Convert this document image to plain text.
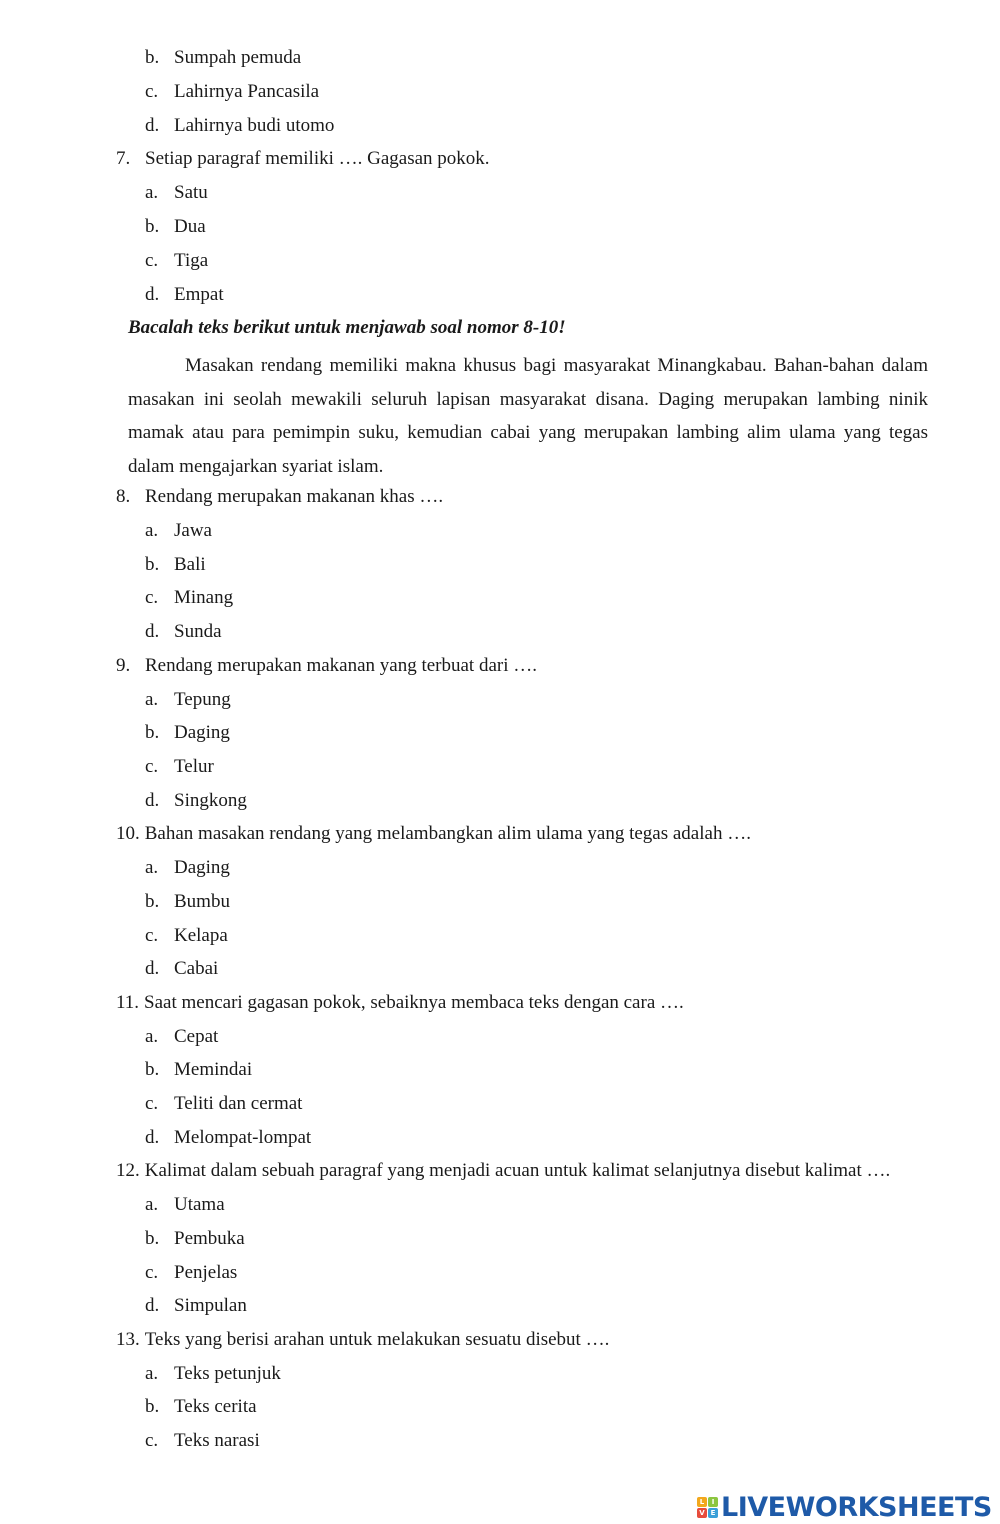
b. Sumpah pemuda
c. Lahirnya Pancasila
d. Lahirnya budi utomo
7. Setiap paragraf memiliki …. Gagasan pokok.
a. Satu
b. Dua
c. Tiga
d. Empat
Bacalah teks berikut untuk menjawab soal nomor 8-10!

Masakan rendang memiliki makna khusus bagi masyarakat Minangkabau. Bahan-bahan dalam masakan ini seolah mewakili seluruh lapisan masyarakat disana. Daging merupakan lambing ninik mamak atau para pemimpin suku, kemudian cabai yang merupakan lambing alim ulama yang tegas dalam mengajarkan syariat islam.

8. Rendang merupakan makanan khas ….
a. Jawa
b. Bali
c. Minang
d. Sunda
9. Rendang merupakan makanan yang terbuat dari ….
a. Tepung
b. Daging
c. Telur
d. Singkong
10. Bahan masakan rendang yang melambangkan alim ulama yang tegas adalah ….
a. Daging
b. Bumbu
c. Kelapa
d. Cabai
11. Saat mencari gagasan pokok, sebaiknya membaca teks dengan cara ….
a. Cepat
b. Memindai
c. Teliti dan cermat
d. Melompat-lompat
12. Kalimat dalam sebuah paragraf yang menjadi acuan untuk kalimat selanjutnya disebut kalimat ….
a. Utama
b. Pembuka
c. Penjelas
d. Simpulan
13. Teks yang berisi arahan untuk melakukan sesuatu disebut ….
a. Teks petunjuk
b. Teks cerita
c. Teks narasi
L	I
V E LIVEWORKSHEETS
